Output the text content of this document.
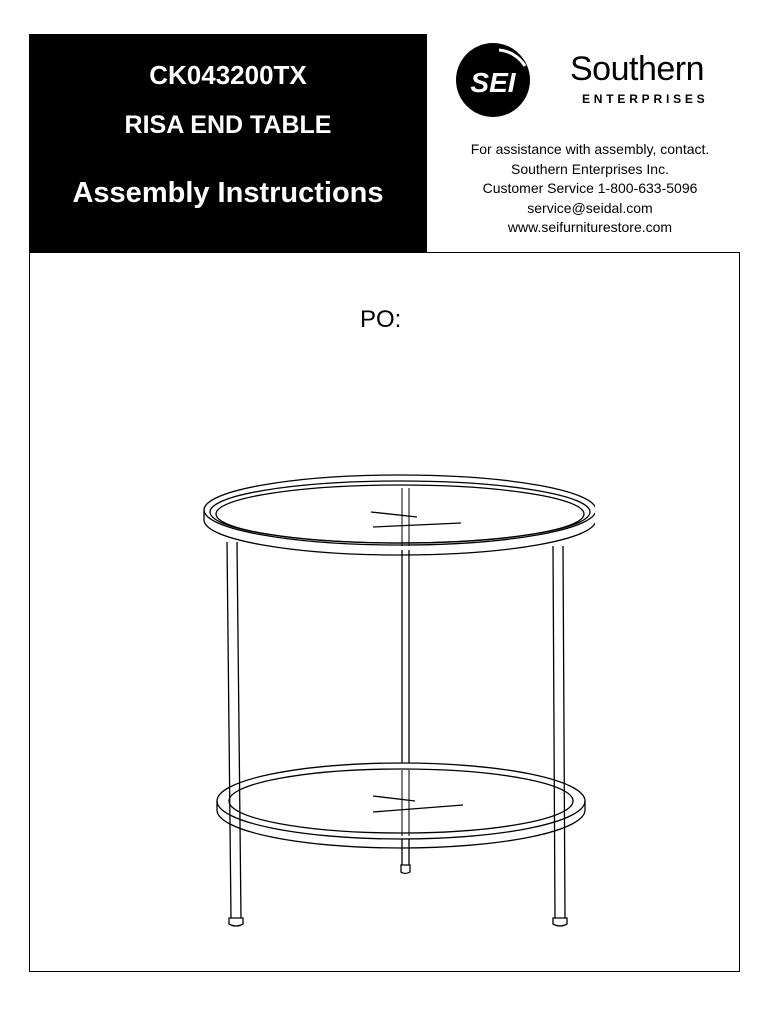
CK043200TX
RISA END TABLE
Assembly Instructions
SEI Southern
ENTERPRISES
For assistance with assembly, contact.
Southern Enterprises Inc.
Customer Service 1-800-633-5096
service@seidal.com
www.seifurniturestore.com
PO:
